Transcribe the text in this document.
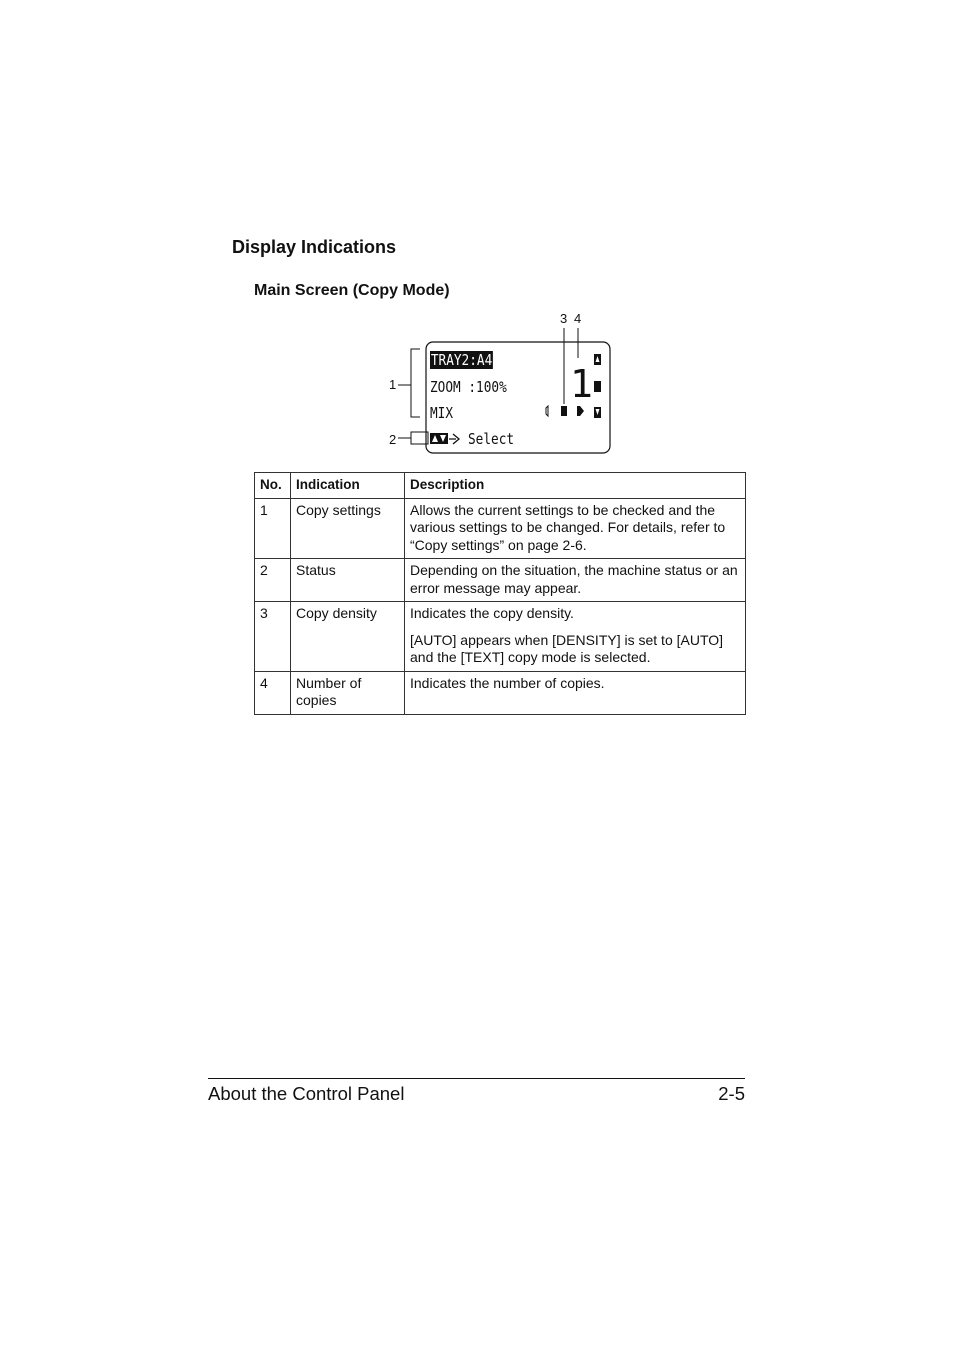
Display Indications
Main Screen (Copy Mode)
1
TRAY2:A4
ZOOM :100%
MIX
Select
1
2
3 4
No.	Indication	Description
1	Copy settings	Allows the current settings to be checked and the various settings to be changed. For details, refer to “Copy settings” on page 2-6.

2	Status	Depending on the situation, the machine status or an error message may appear.

3	Copy density	Indicates the copy density.

[AUTO] appears when [DENSITY] is set to [AUTO] and the [TEXT] copy mode is selected.

4	Number of copies	Indicates the number of copies.

About the Control Panel	2-5
